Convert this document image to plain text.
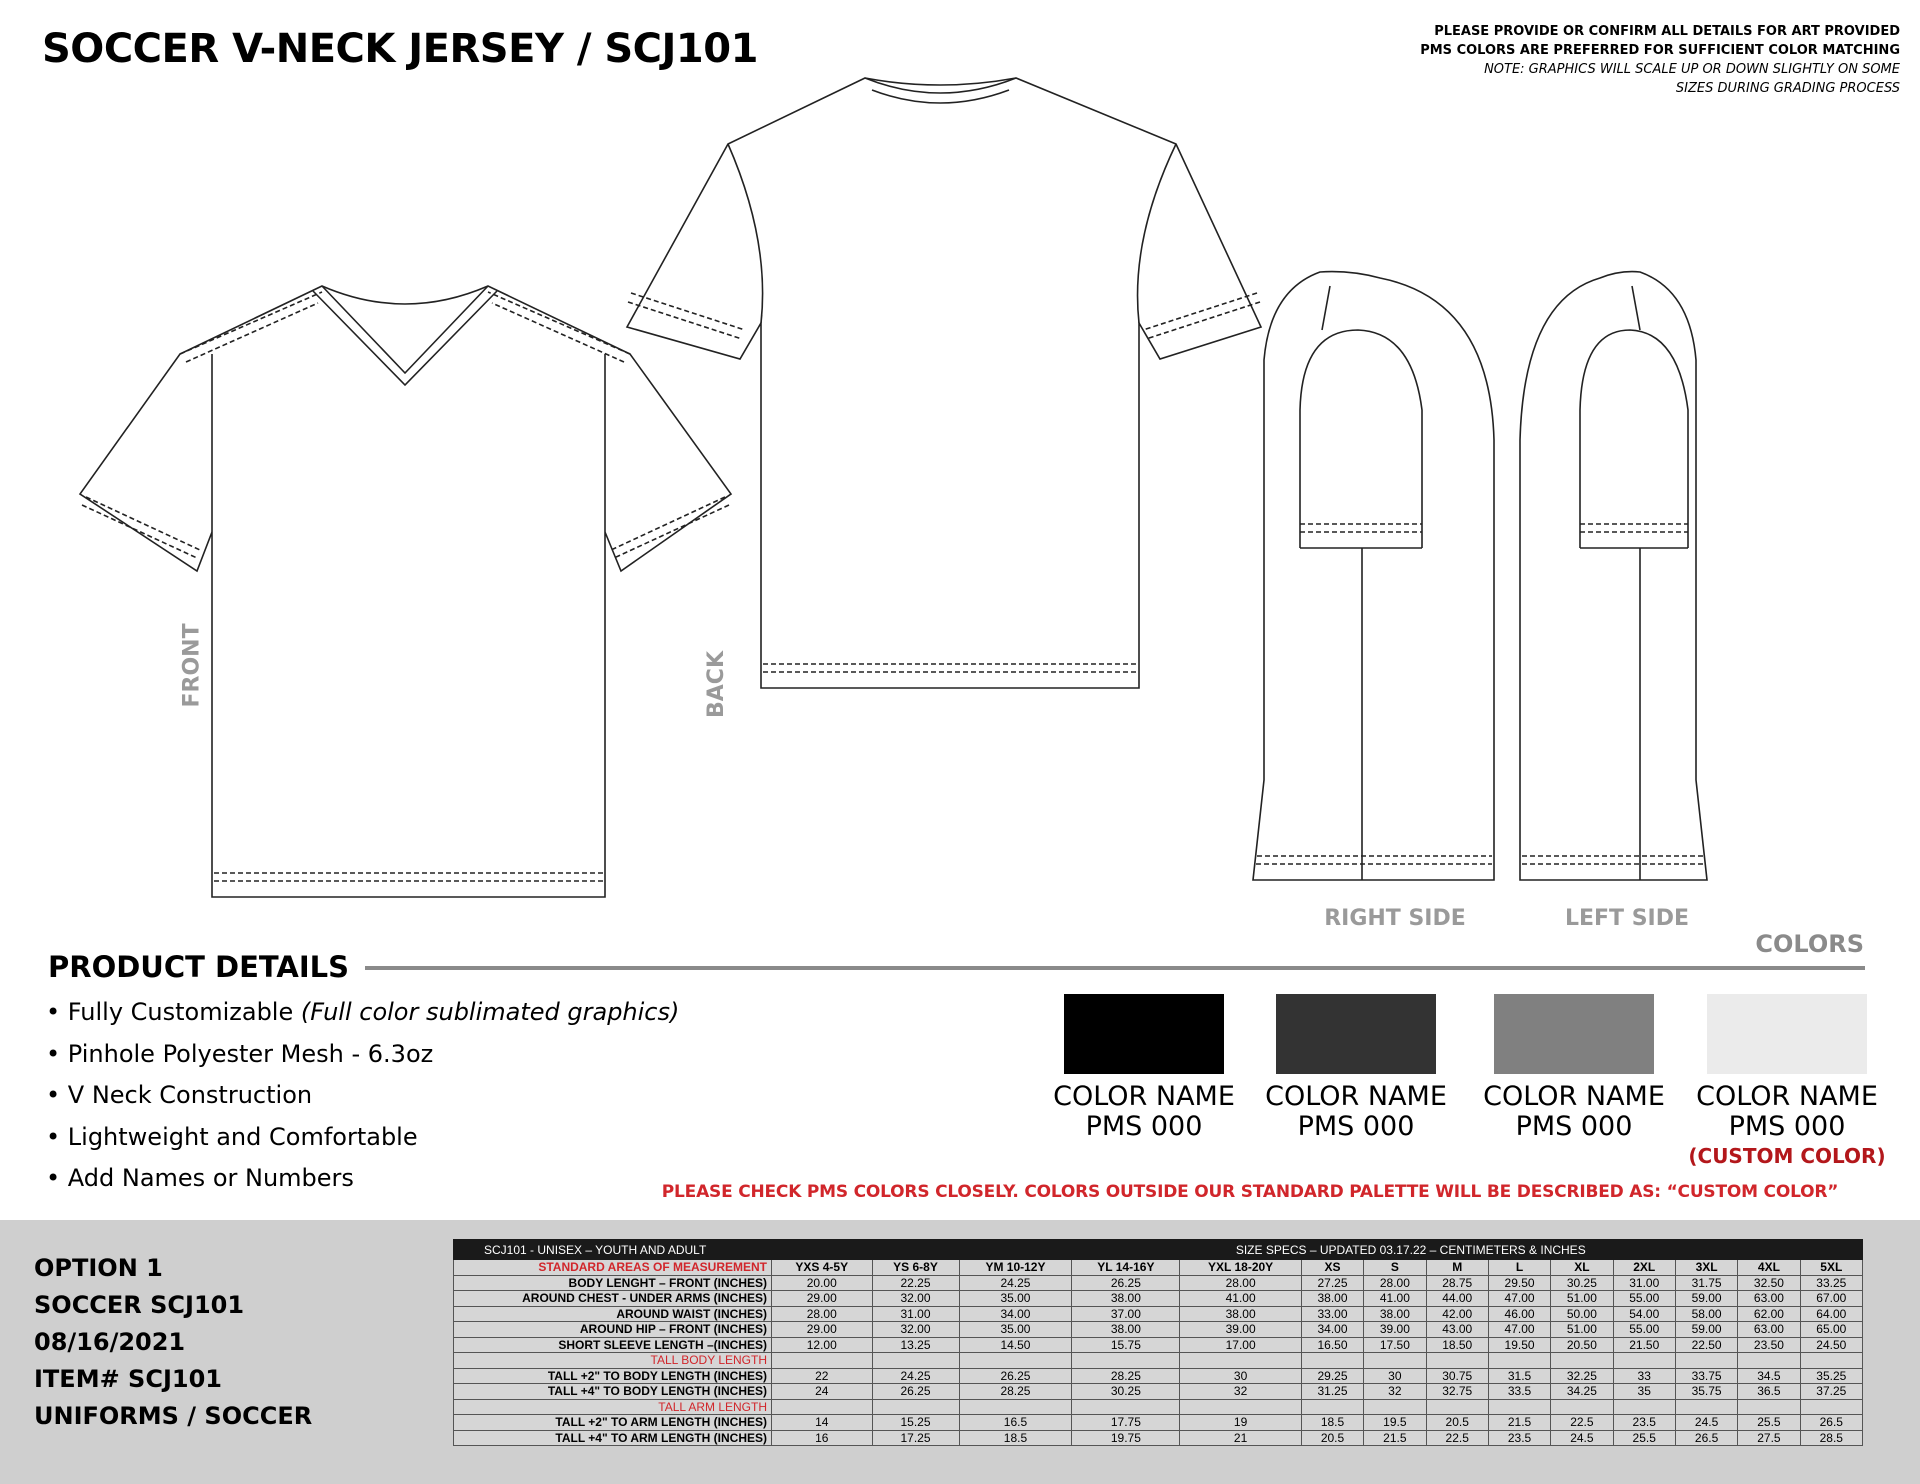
SOCCER V-NECK JERSEY / SCJ101	PLEASE PROVIDE OR CONFIRM ALL DETAILS FOR ART PROVIDED
PMS COLORS ARE PREFERRED FOR SUFFICIENT COLOR MATCHING
NOTE: GRAPHICS WILL SCALE UP OR DOWN SLIGHTLY ON SOME
SIZES DURING GRADING PROCESS
FRONT	BACK
RIGHT SIDE	LEFT SIDE
PRODUCT DETAILS
COLORS
• Fully Customizable (Full color sublimated graphics)
• Pinhole Polyester Mesh - 6.3oz
• V Neck Construction
• Lightweight and Comfortable
• Add Names or Numbers
COLOR NAME
PMS 000
COLOR NAME
PMS 000
COLOR NAME
PMS 000
COLOR NAME
PMS 000
(CUSTOM COLOR)
PLEASE CHECK PMS COLORS CLOSELY. COLORS OUTSIDE OUR STANDARD PALETTE WILL BE DESCRIBED AS: “CUSTOM COLOR”
OPTION 1
SOCCER SCJ101
08/16/2021
ITEM# SCJ101
UNIFORMS / SOCCER
SCJ101 - UNISEX – YOUTH AND ADULT			SIZE SPECS – UPDATED 03.17.22 – CENTIMETERS & INCHES											
STANDARD AREAS OF MEASUREMENT	YXS 4-5Y	YS 6-8Y	YM 10-12Y	YL 14-16Y	YXL 18-20Y	XS	S	M	L	XL	2XL	3XL	4XL	5XL
BODY LENGHT – FRONT (INCHES)	20.00	22.25	24.25	26.25	28.00	27.25	28.00	28.75	29.50	30.25	31.00	31.75	32.50	33.25
AROUND CHEST - UNDER ARMS (INCHES)	29.00	32.00	35.00	38.00	41.00	38.00	41.00	44.00	47.00	51.00	55.00	59.00	63.00	67.00
AROUND WAIST (INCHES)	28.00	31.00	34.00	37.00	38.00	33.00	38.00	42.00	46.00	50.00	54.00	58.00	62.00	64.00
AROUND HIP – FRONT (INCHES)	29.00	32.00	35.00	38.00	39.00	34.00	39.00	43.00	47.00	51.00	55.00	59.00	63.00	65.00
SHORT SLEEVE LENGTH –(INCHES)	12.00	13.25	14.50	15.75	17.00	16.50	17.50	18.50	19.50	20.50	21.50	22.50	23.50	24.50
TALL BODY LENGTH														
TALL +2" TO BODY LENGTH (INCHES)	22	24.25	26.25	28.25	30	29.25	30	30.75	31.5	32.25	33	33.75	34.5	35.25
TALL +4" TO BODY LENGTH (INCHES)	24	26.25	28.25	30.25	32	31.25	32	32.75	33.5	34.25	35	35.75	36.5	37.25
TALL ARM LENGTH														
TALL +2" TO ARM LENGTH (INCHES)	14	15.25	16.5	17.75	19	18.5	19.5	20.5	21.5	22.5	23.5	24.5	25.5	26.5
TALL +4" TO ARM LENGTH (INCHES)	16	17.25	18.5	19.75	21	20.5	21.5	22.5	23.5	24.5	25.5	26.5	27.5	28.5
